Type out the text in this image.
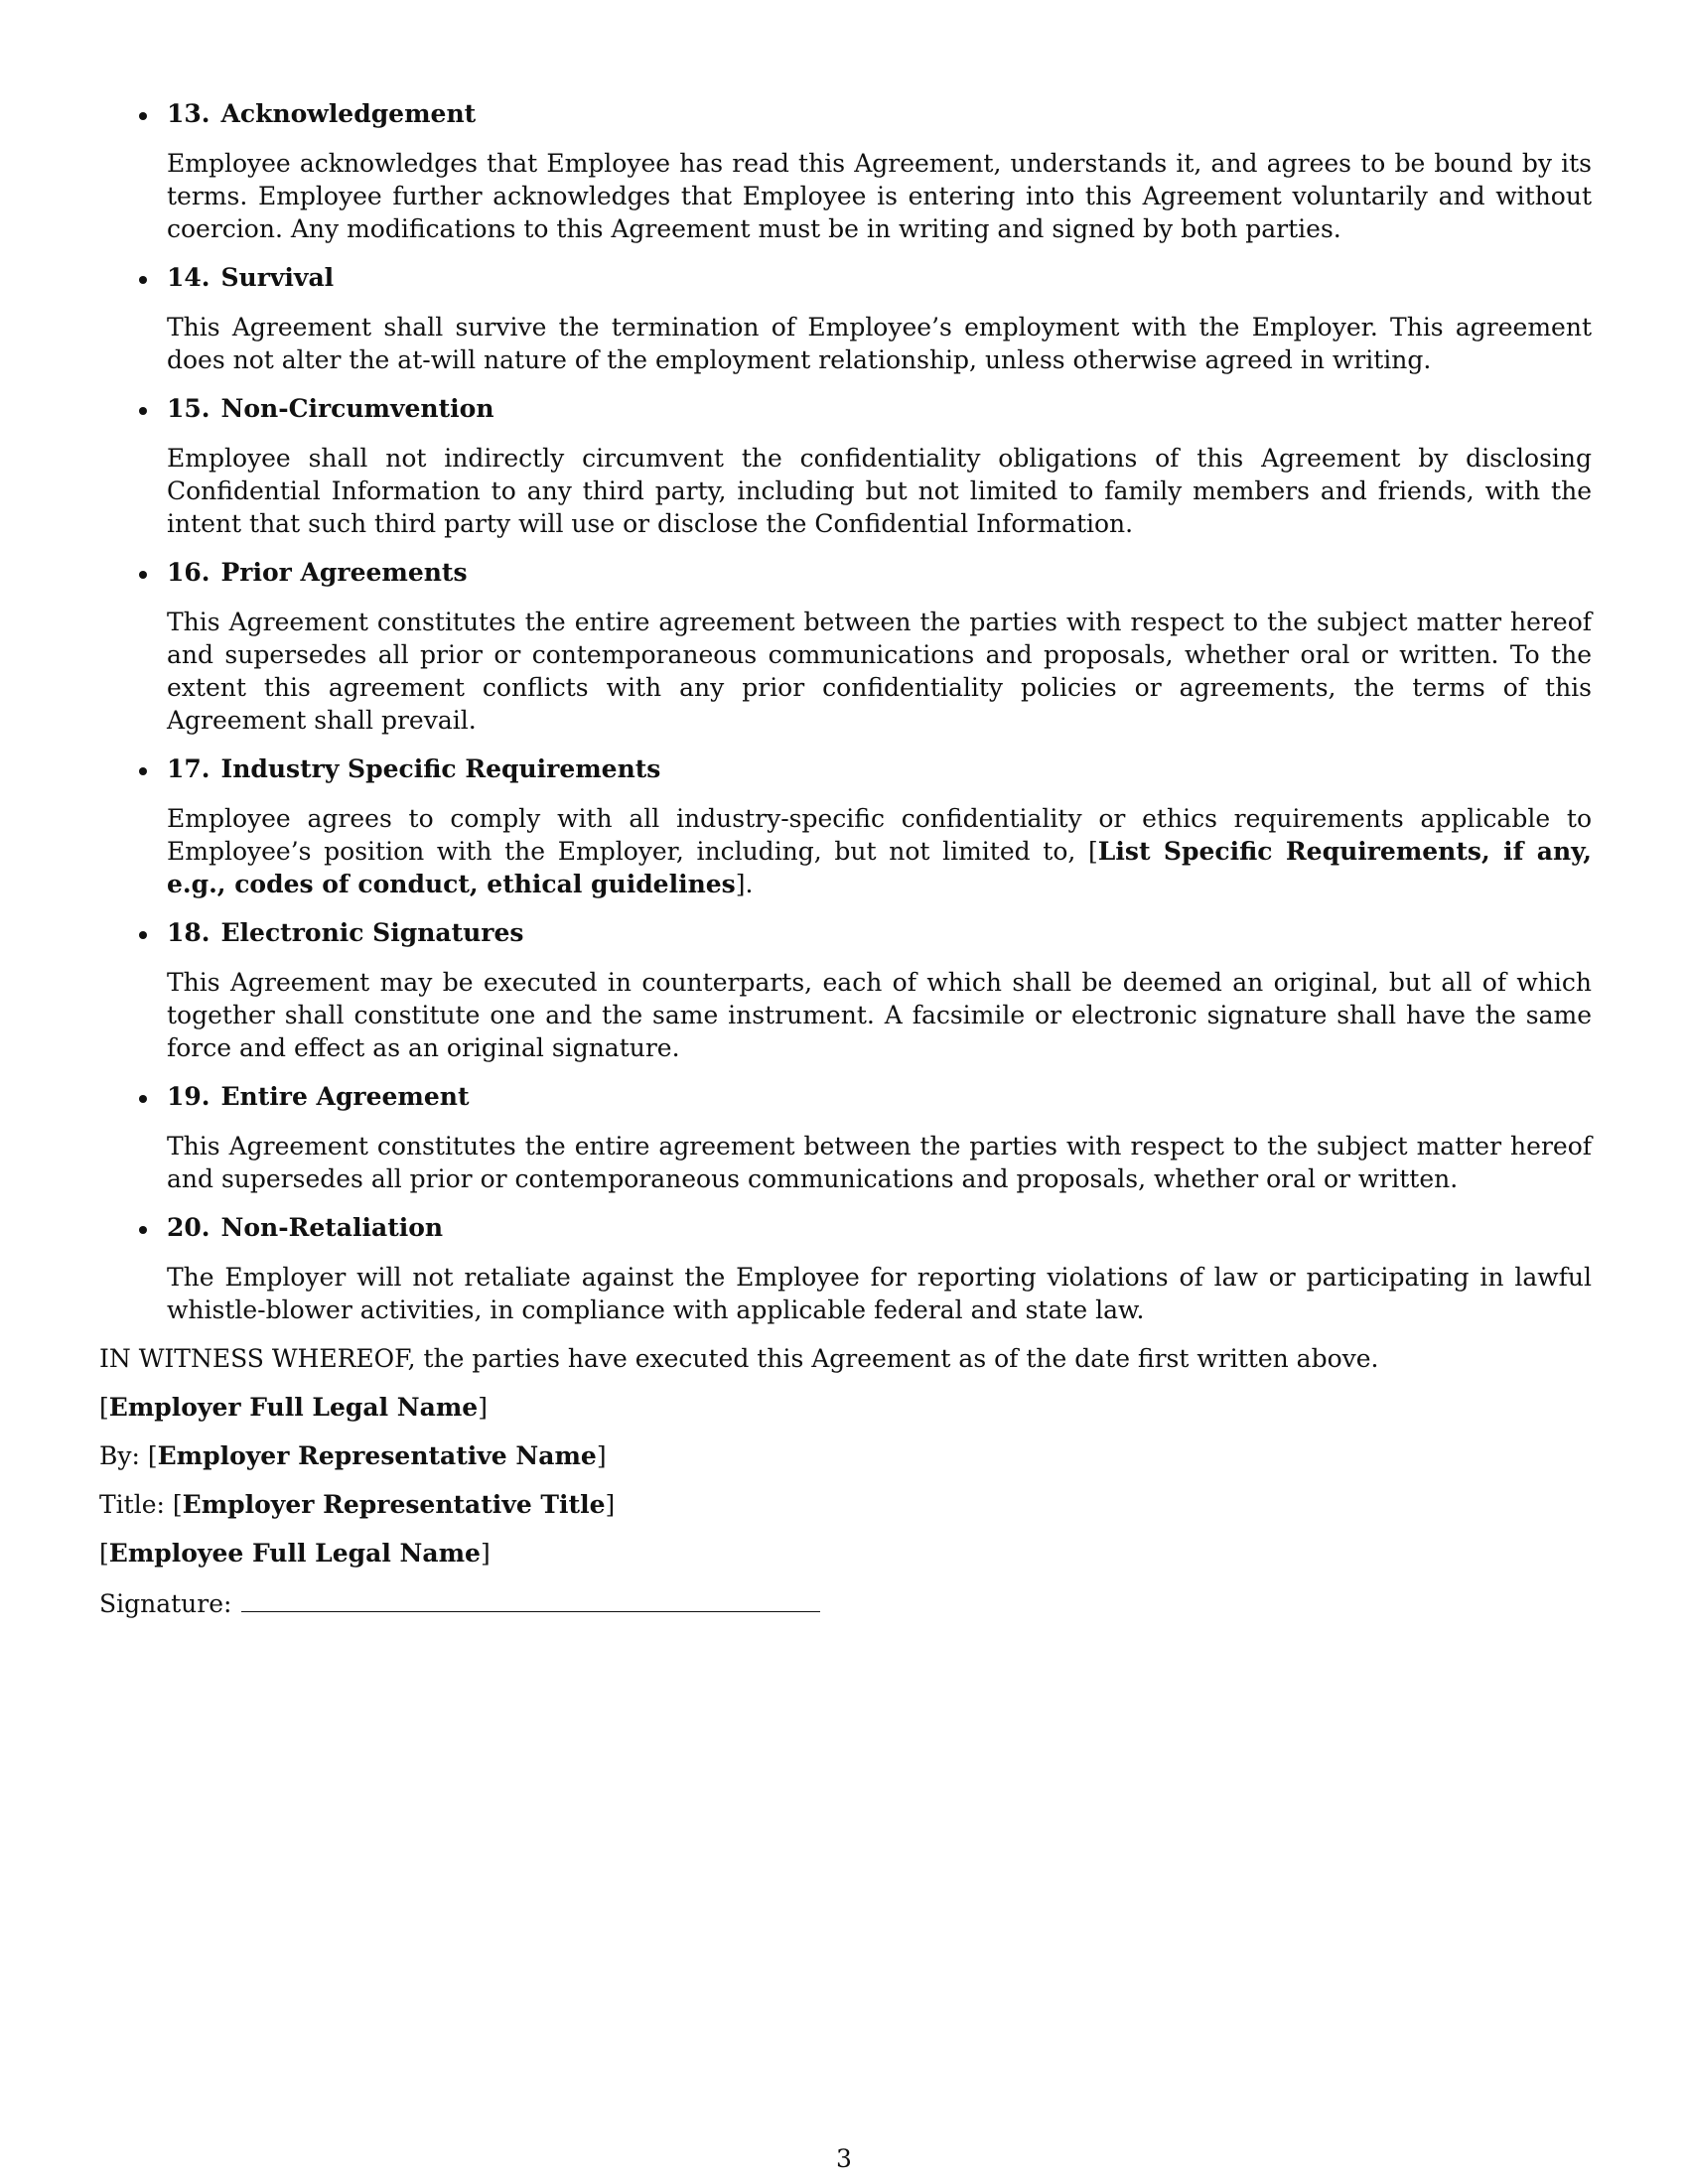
13. Acknowledgement
Employee acknowledges that Employee has read this Agreement, understands it, and agrees to be bound by its terms. Employee further acknowledges that Employee is entering into this Agreement voluntarily and without coercion. Any modifications to this Agreement must be in writing and signed by both parties.
14. Survival
This Agreement shall survive the termination of Employee’s employment with the Employer. This agreement does not alter the at-will nature of the employment relationship, unless otherwise agreed in writing.
15. Non-Circumvention
Employee shall not indirectly circumvent the confidentiality obligations of this Agreement by disclosing Confidential Information to any third party, including but not limited to family members and friends, with the intent that such third party will use or disclose the Confidential Information.
16. Prior Agreements
This Agreement constitutes the entire agreement between the parties with respect to the subject matter hereof and supersedes all prior or contemporaneous communications and proposals, whether oral or written. To the extent this agreement conflicts with any prior confidentiality policies or agreements, the terms of this Agreement shall prevail.
17. Industry Specific Requirements
Employee agrees to comply with all industry-specific confidentiality or ethics requirements applicable to Employee’s position with the Employer, including, but not limited to, [List Specific Requirements, if any, e.g., codes of conduct, ethical guidelines].
18. Electronic Signatures
This Agreement may be executed in counterparts, each of which shall be deemed an original, but all of which together shall constitute one and the same instrument. A facsimile or electronic signature shall have the same force and effect as an original signature.
19. Entire Agreement
This Agreement constitutes the entire agreement between the parties with respect to the subject matter hereof and supersedes all prior or contemporaneous communications and proposals, whether oral or written.
20. Non-Retaliation
The Employer will not retaliate against the Employee for reporting violations of law or participating in lawful whistle-blower activities, in compliance with applicable federal and state law.
IN WITNESS WHEREOF, the parties have executed this Agreement as of the date first written above.
[Employer Full Legal Name]
By: [Employer Representative Name]
Title: [Employer Representative Title]
[Employee Full Legal Name]
Signature:
3
